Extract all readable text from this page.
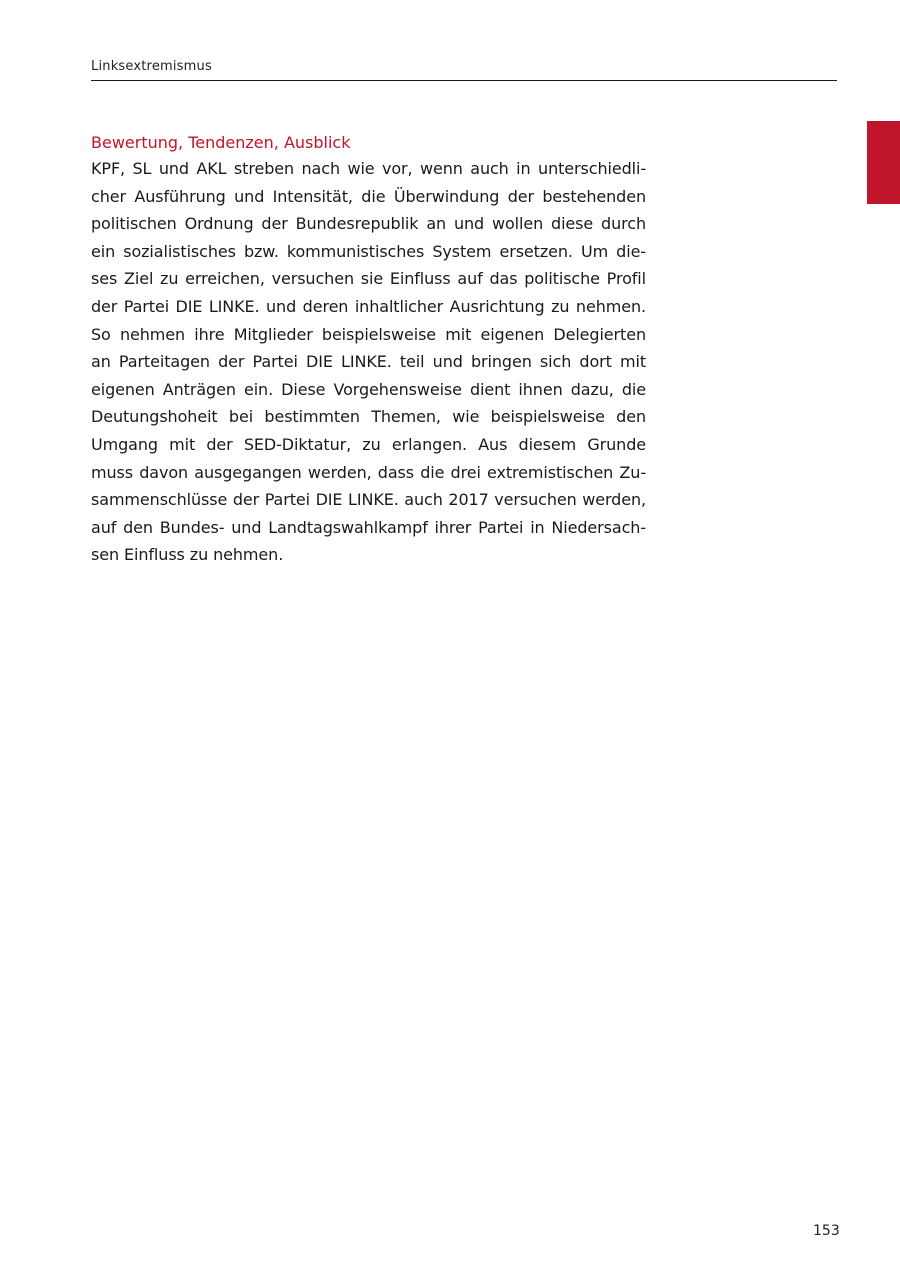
Linksextremismus
Bewertung, Tendenzen, Ausblick

KPF, SL und AKL streben nach wie vor, wenn auch in unterschiedli-
cher Ausführung und Intensität, die Überwindung der bestehenden
politischen Ordnung der Bundesrepublik an und wollen diese durch
ein sozialistisches bzw. kommunistisches System ersetzen. Um die-
ses Ziel zu erreichen, versuchen sie Einfluss auf das politische Profil
der Partei DIE LINKE. und deren inhaltlicher Ausrichtung zu nehmen.
So nehmen ihre Mitglieder beispielsweise mit eigenen Delegierten
an Parteitagen der Partei DIE LINKE. teil und bringen sich dort mit
eigenen Anträgen ein. Diese Vorgehensweise dient ihnen dazu, die
Deutungshoheit bei bestimmten Themen, wie beispielsweise den
Umgang mit der SED-Diktatur, zu erlangen. Aus diesem Grunde
muss davon ausgegangen werden, dass die drei extremistischen Zu-
sammenschlüsse der Partei DIE LINKE. auch 2017 versuchen werden,
auf den Bundes- und Landtagswahlkampf ihrer Partei in Niedersach-
sen Einfluss zu nehmen.

153
